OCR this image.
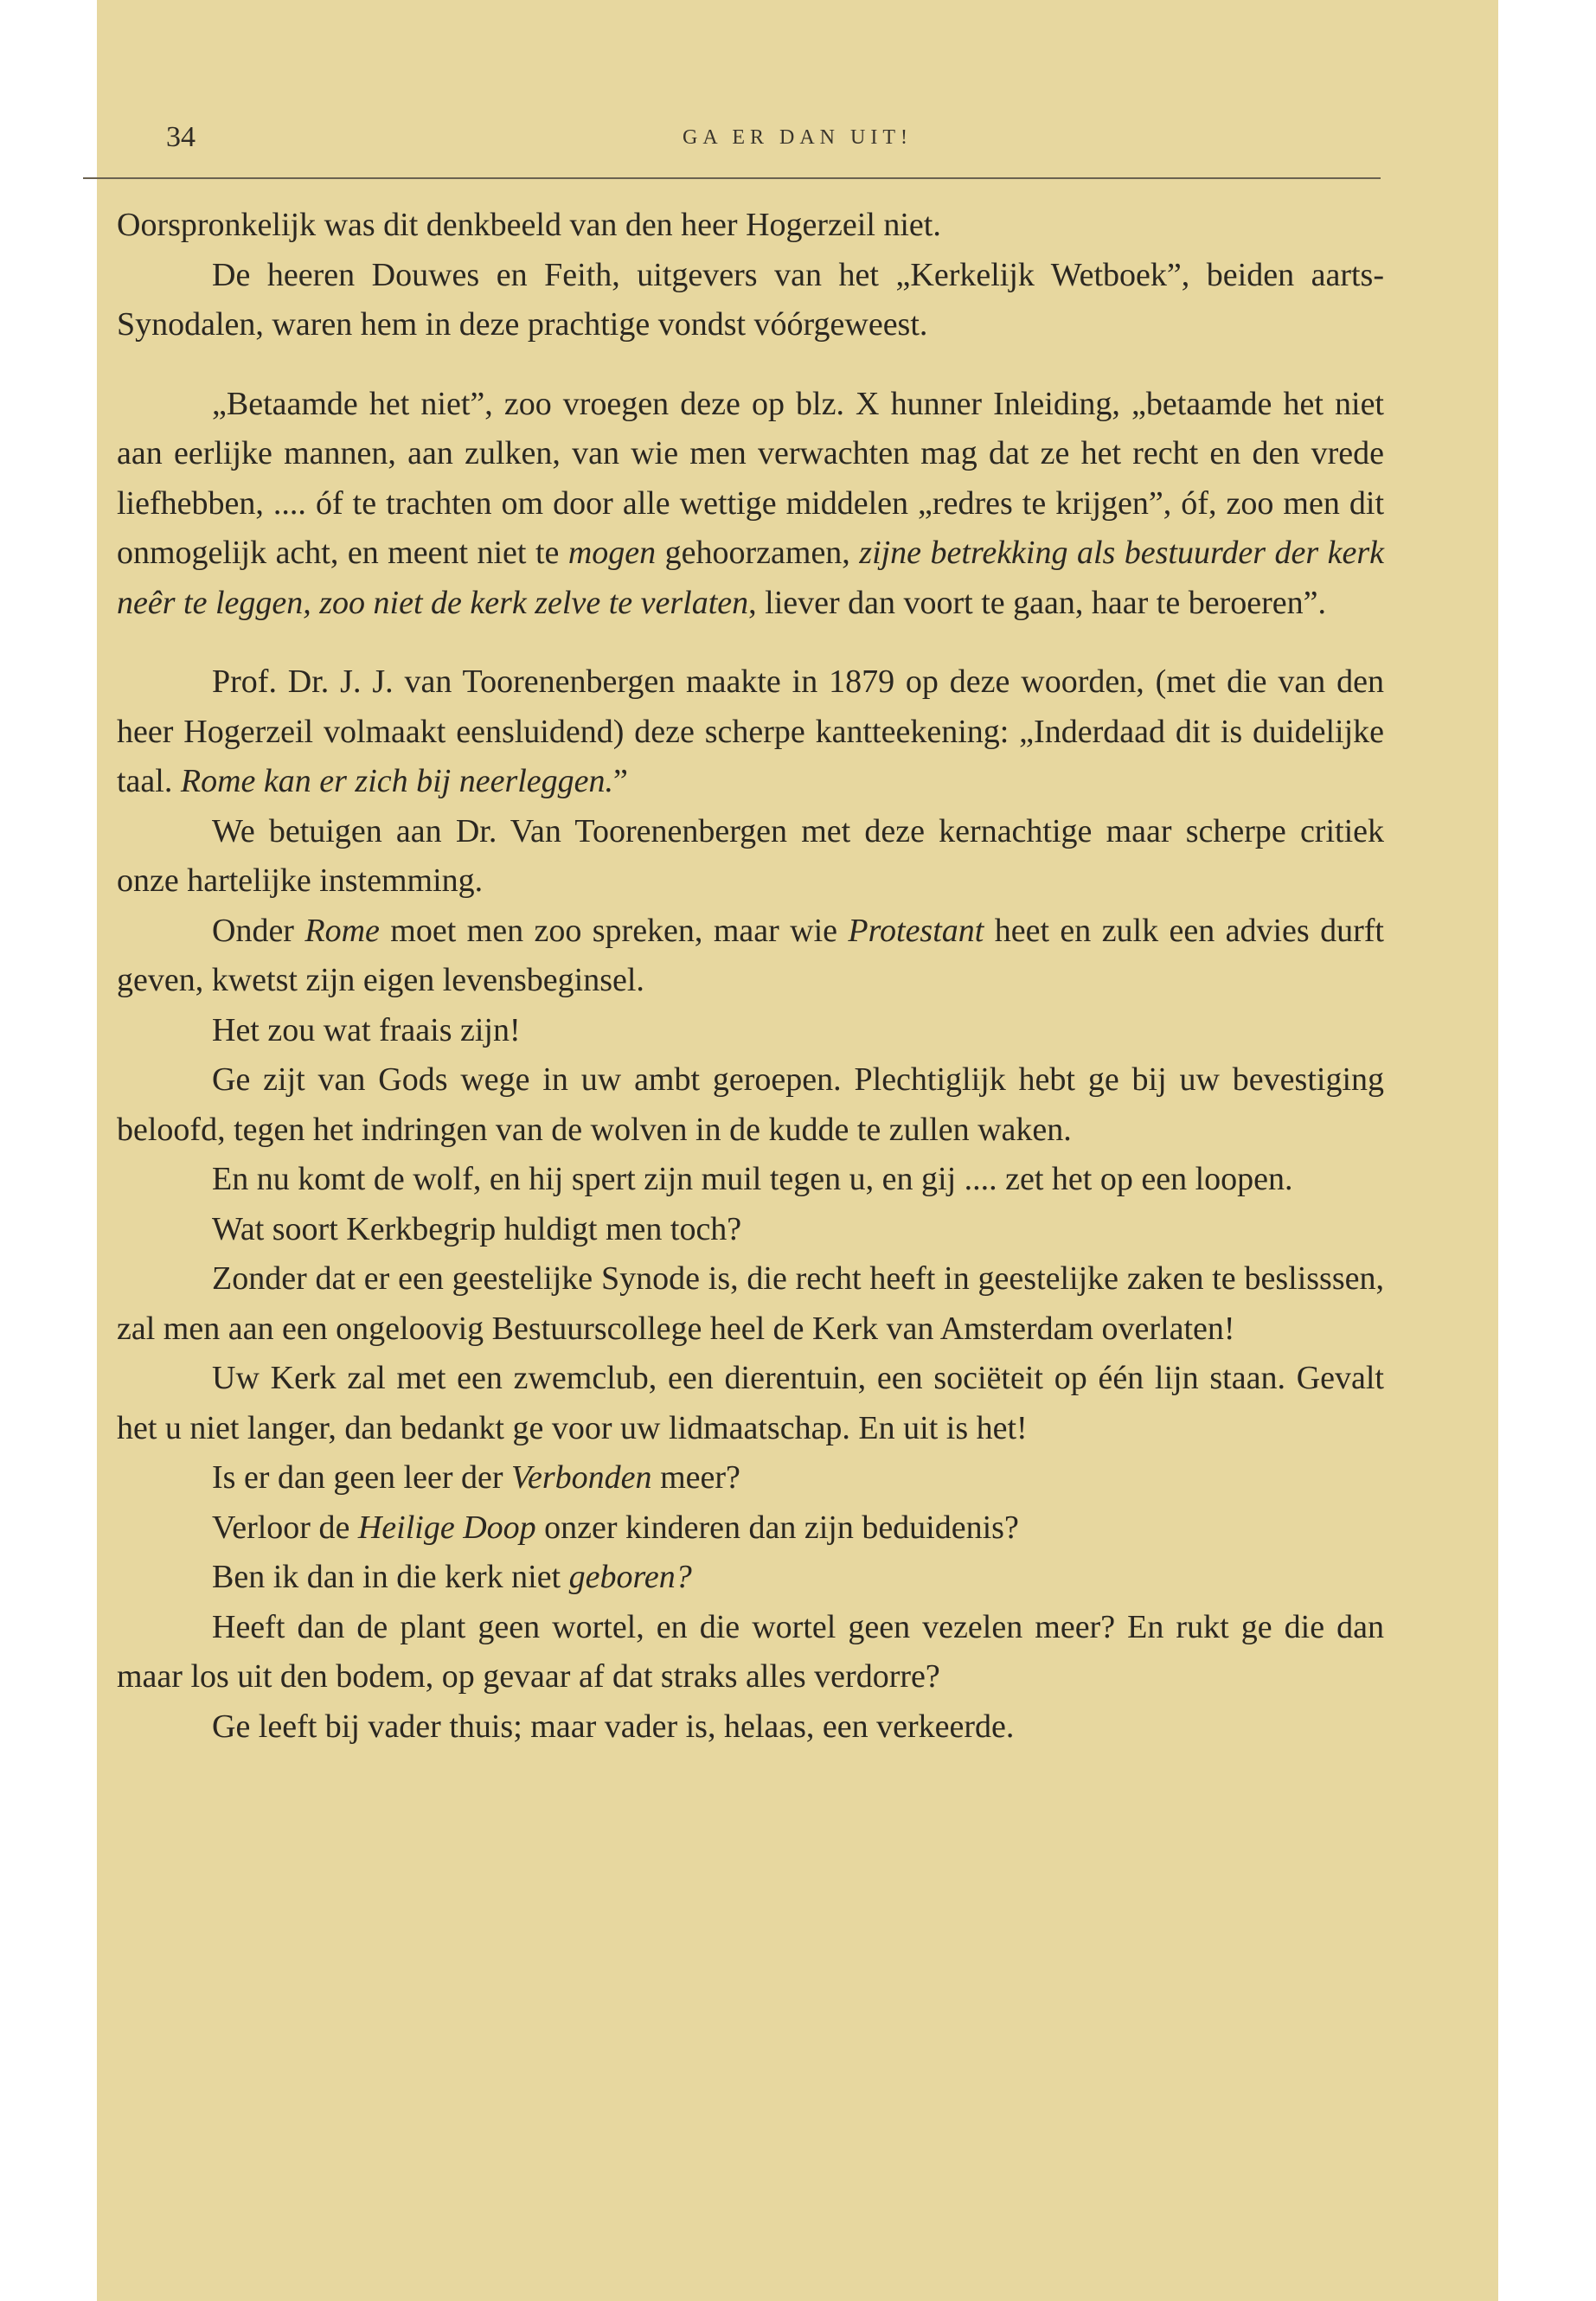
34	GA ER DAN UIT!

Oorspronkelijk was dit denkbeeld van den heer Hogerzeil niet.

De heeren Douwes en Feith, uitgevers van het „Kerkelijk Wetboek”, beiden aarts-Synodalen, waren hem in deze prachtige vondst vóórgeweest.

„Betaamde het niet”, zoo vroegen deze op blz. X hunner Inleiding, „betaamde het niet aan eerlijke mannen, aan zulken, van wie men verwachten mag dat ze het recht en den vrede liefhebben, .... óf te trachten om door alle wettige middelen „redres te krijgen”, óf, zoo men dit onmogelijk acht, en meent niet te mogen gehoorzamen, zijne betrekking als bestuurder der kerk neêr te leggen, zoo niet de kerk zelve te verlaten, liever dan voort te gaan, haar te beroeren”.

Prof. Dr. J. J. van Toorenenbergen maakte in 1879 op deze woorden, (met die van den heer Hogerzeil volmaakt eensluidend) deze scherpe kantteekening: „Inderdaad dit is duidelijke taal. Rome kan er zich bij neerleggen.”

We betuigen aan Dr. Van Toorenenbergen met deze kernachtige maar scherpe critiek onze hartelijke instemming.

Onder Rome moet men zoo spreken, maar wie Protestant heet en zulk een advies durft geven, kwetst zijn eigen levensbeginsel.

Het zou wat fraais zijn!

Ge zijt van Gods wege in uw ambt geroepen. Plechtiglijk hebt ge bij uw bevestiging beloofd, tegen het indringen van de wolven in de kudde te zullen waken.

En nu komt de wolf, en hij spert zijn muil tegen u, en gij .... zet het op een loopen.

Wat soort Kerkbegrip huldigt men toch?

Zonder dat er een geestelijke Synode is, die recht heeft in geestelijke zaken te beslisssen, zal men aan een ongeloovig Bestuurscollege heel de Kerk van Amsterdam overlaten!

Uw Kerk zal met een zwemclub, een dierentuin, een sociëteit op één lijn staan. Gevalt het u niet langer, dan bedankt ge voor uw lidmaatschap. En uit is het!

Is er dan geen leer der Verbonden meer?

Verloor de Heilige Doop onzer kinderen dan zijn beduidenis?

Ben ik dan in die kerk niet geboren?

Heeft dan de plant geen wortel, en die wortel geen vezelen meer? En rukt ge die dan maar los uit den bodem, op gevaar af dat straks alles verdorre?

Ge leeft bij vader thuis; maar vader is, helaas, een verkeerde.
